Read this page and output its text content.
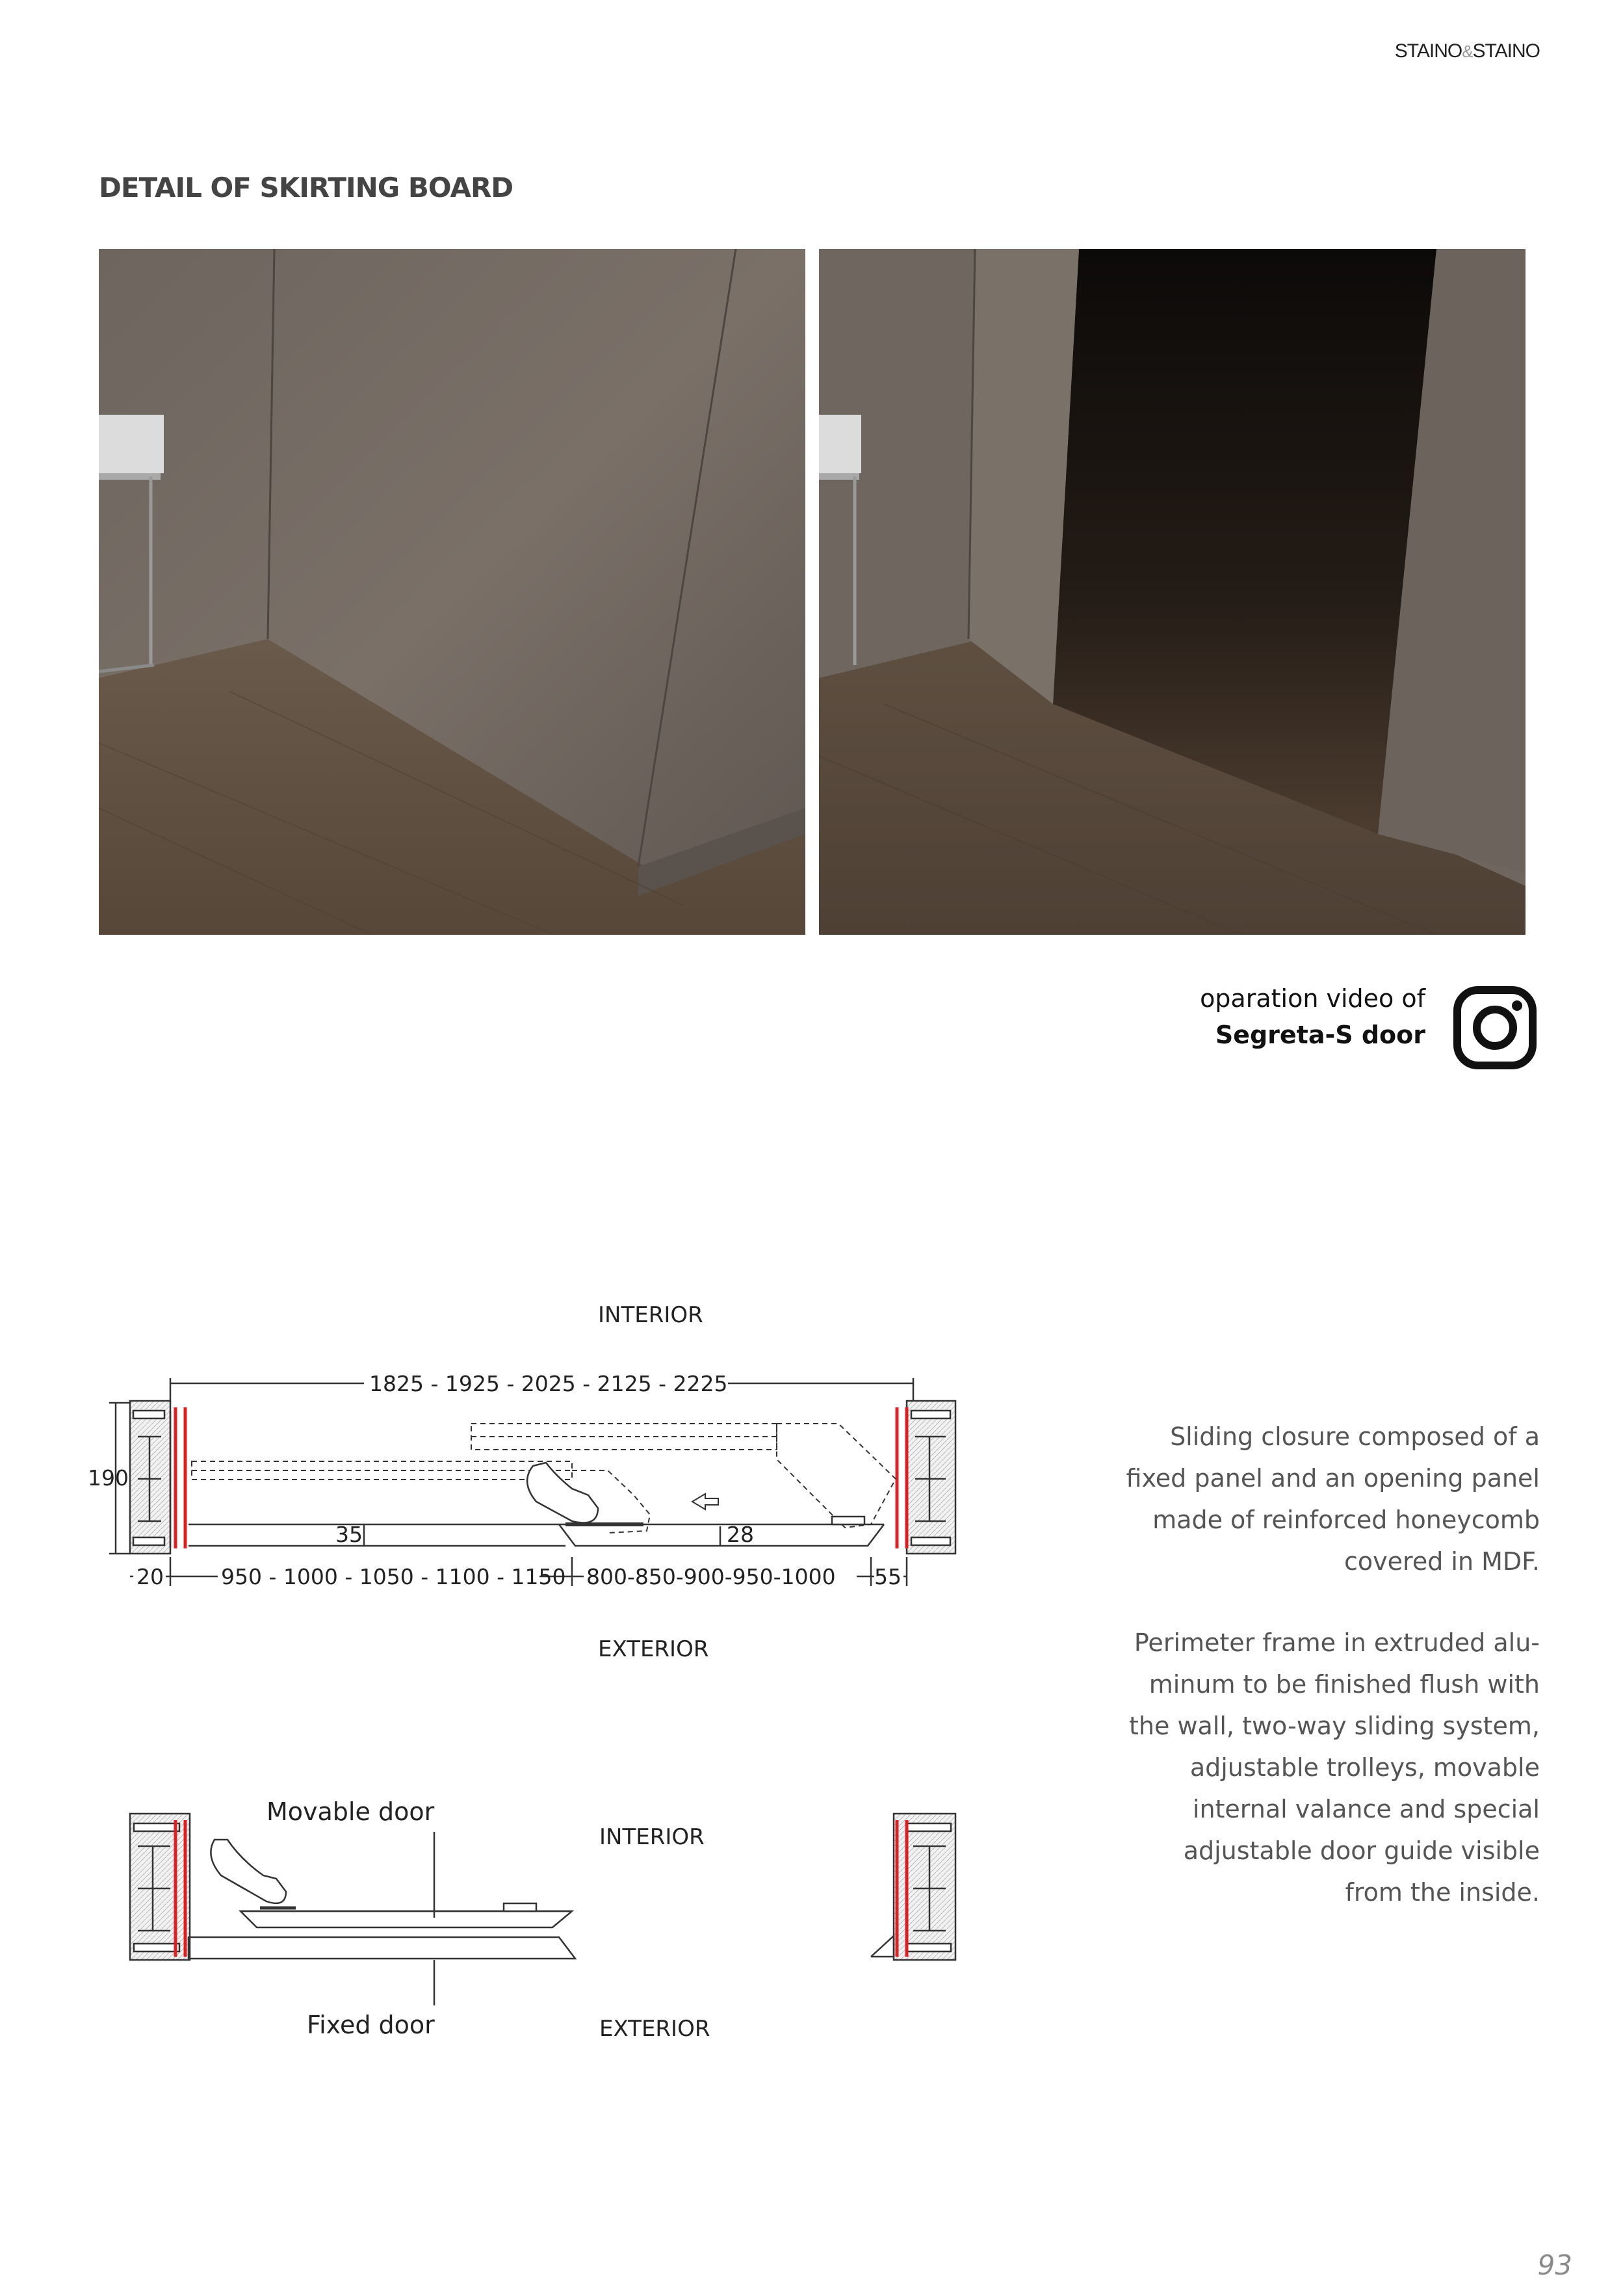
STAINO&STAINO
DETAIL OF SKIRTING BOARD
oparation video of
Segreta-S door
INTERIOR
EXTERIOR
1825 - 1925 - 2025 - 2125 - 2225
190
35	28
20	950 - 1000 - 1050 - 1100 - 1150 800-850-900-950-1000 55
Movable door
Fixed door
INTERIOR
EXTERIOR
Sliding closure composed of a
fixed panel and an opening panel
made of reinforced honeycomb
covered in MDF.
Perimeter frame in extruded alu-
minum to be finished flush with
the wall, two-way sliding system,
adjustable trolleys, movable
internal valance and special
adjustable door guide visible
from the inside.
93
